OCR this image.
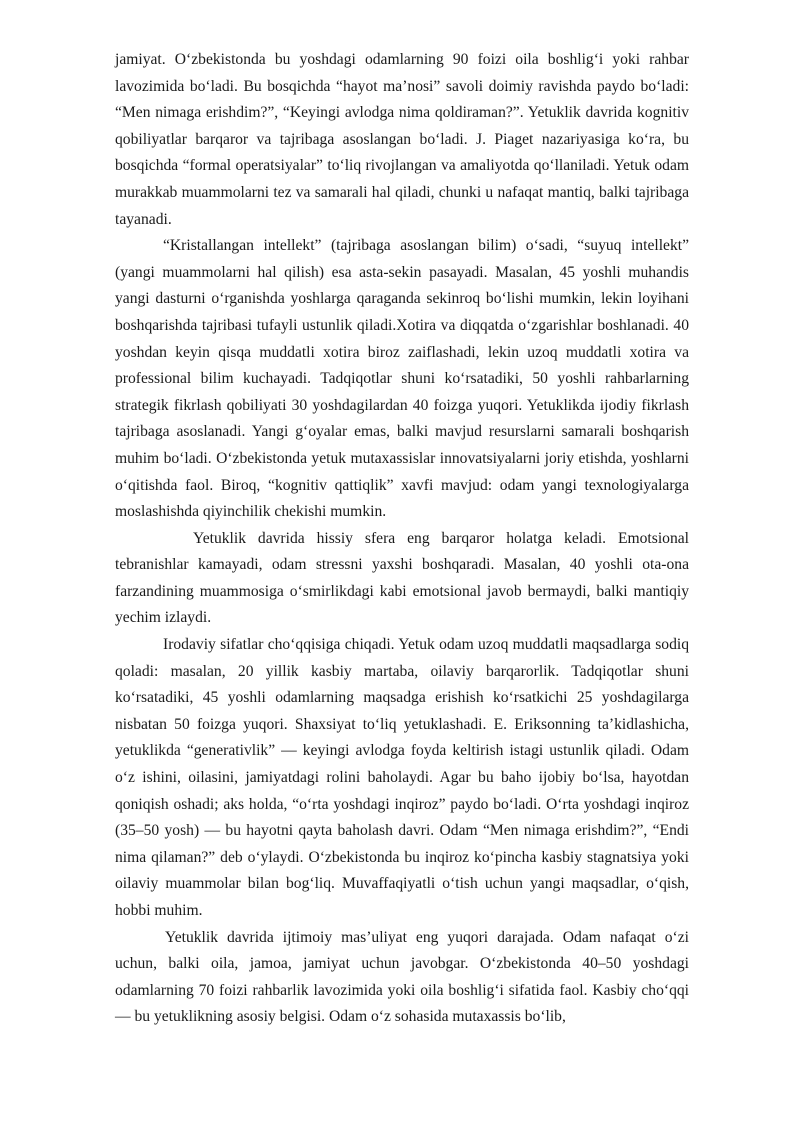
jamiyat. O‘zbekistonda bu yoshdagi odamlarning 90 foizi oila boshlig‘i yoki rahbar lavozimida bo‘ladi. Bu bosqichda “hayot ma’nosi” savoli doimiy ravishda paydo bo‘ladi: “Men nimaga erishdim?”, “Keyingi avlodga nima qoldiraman?”. Yetuklik davrida kognitiv qobiliyatlar barqaror va tajribaga asoslangan bo‘ladi. J. Piaget nazariyasiga ko‘ra, bu bosqichda “formal operatsiyalar” to‘liq rivojlangan va amaliyotda qo‘llaniladi. Yetuk odam murakkab muammolarni tez va samarali hal qiladi, chunki u nafaqat mantiq, balki tajribaga tayanadi.

“Kristallangan intellekt” (tajribaga asoslangan bilim) o‘sadi, “suyuq intellekt” (yangi muammolarni hal qilish) esa asta-sekin pasayadi. Masalan, 45 yoshli muhandis yangi dasturni o‘rganishda yoshlarga qaraganda sekinroq bo‘lishi mumkin, lekin loyihani boshqarishda tajribasi tufayli ustunlik qiladi.Xotira va diqqatda o‘zgarishlar boshlanadi. 40 yoshdan keyin qisqa muddatli xotira biroz zaiflashadi, lekin uzoq muddatli xotira va professional bilim kuchayadi. Tadqiqotlar shuni ko‘rsatadiki, 50 yoshli rahbarlarning strategik fikrlash qobiliyati 30 yoshdagilardan 40 foizga yuqori. Yetuklikda ijodiy fikrlash tajribaga asoslanadi. Yangi g‘oyalar emas, balki mavjud resurslarni samarali boshqarish muhim bo‘ladi. O‘zbekistonda yetuk mutaxassislar innovatsiyalarni joriy etishda, yoshlarni o‘qitishda faol. Biroq, “kognitiv qattiqlik” xavfi mavjud: odam yangi texnologiyalarga moslashishda qiyinchilik chekishi mumkin.

Yetuklik davrida hissiy sfera eng barqaror holatga keladi. Emotsional tebranishlar kamayadi, odam stressni yaxshi boshqaradi. Masalan, 40 yoshli ota-ona farzandining muammosiga o‘smirlikdagi kabi emotsional javob bermaydi, balki mantiqiy yechim izlaydi.

Irodaviy sifatlar cho‘qqisiga chiqadi. Yetuk odam uzoq muddatli maqsadlarga sodiq qoladi: masalan, 20 yillik kasbiy martaba, oilaviy barqarorlik. Tadqiqotlar shuni ko‘rsatadiki, 45 yoshli odamlarning maqsadga erishish ko‘rsatkichi 25 yoshdagilarga nisbatan 50 foizga yuqori. Shaxsiyat to‘liq yetuklashadi. E. Eriksonning ta’kidlashicha, yetuklikda “generativlik” — keyingi avlodga foyda keltirish istagi ustunlik qiladi. Odam o‘z ishini, oilasini, jamiyatdagi rolini baholaydi. Agar bu baho ijobiy bo‘lsa, hayotdan qoniqish oshadi; aks holda, “o‘rta yoshdagi inqiroz” paydo bo‘ladi. O‘rta yoshdagi inqiroz (35–50 yosh) — bu hayotni qayta baholash davri. Odam “Men nimaga erishdim?”, “Endi nima qilaman?” deb o‘ylaydi. O‘zbekistonda bu inqiroz ko‘pincha kasbiy stagnatsiya yoki oilaviy muammolar bilan bog‘liq. Muvaffaqiyatli o‘tish uchun yangi maqsadlar, o‘qish, hobbi muhim.

Yetuklik davrida ijtimoiy mas’uliyat eng yuqori darajada. Odam nafaqat o‘zi uchun, balki oila, jamoa, jamiyat uchun javobgar. O‘zbekistonda 40–50 yoshdagi odamlarning 70 foizi rahbarlik lavozimida yoki oila boshlig‘i sifatida faol. Kasbiy cho‘qqi — bu yetuklikning asosiy belgisi. Odam o‘z sohasida mutaxassis bo‘lib,
